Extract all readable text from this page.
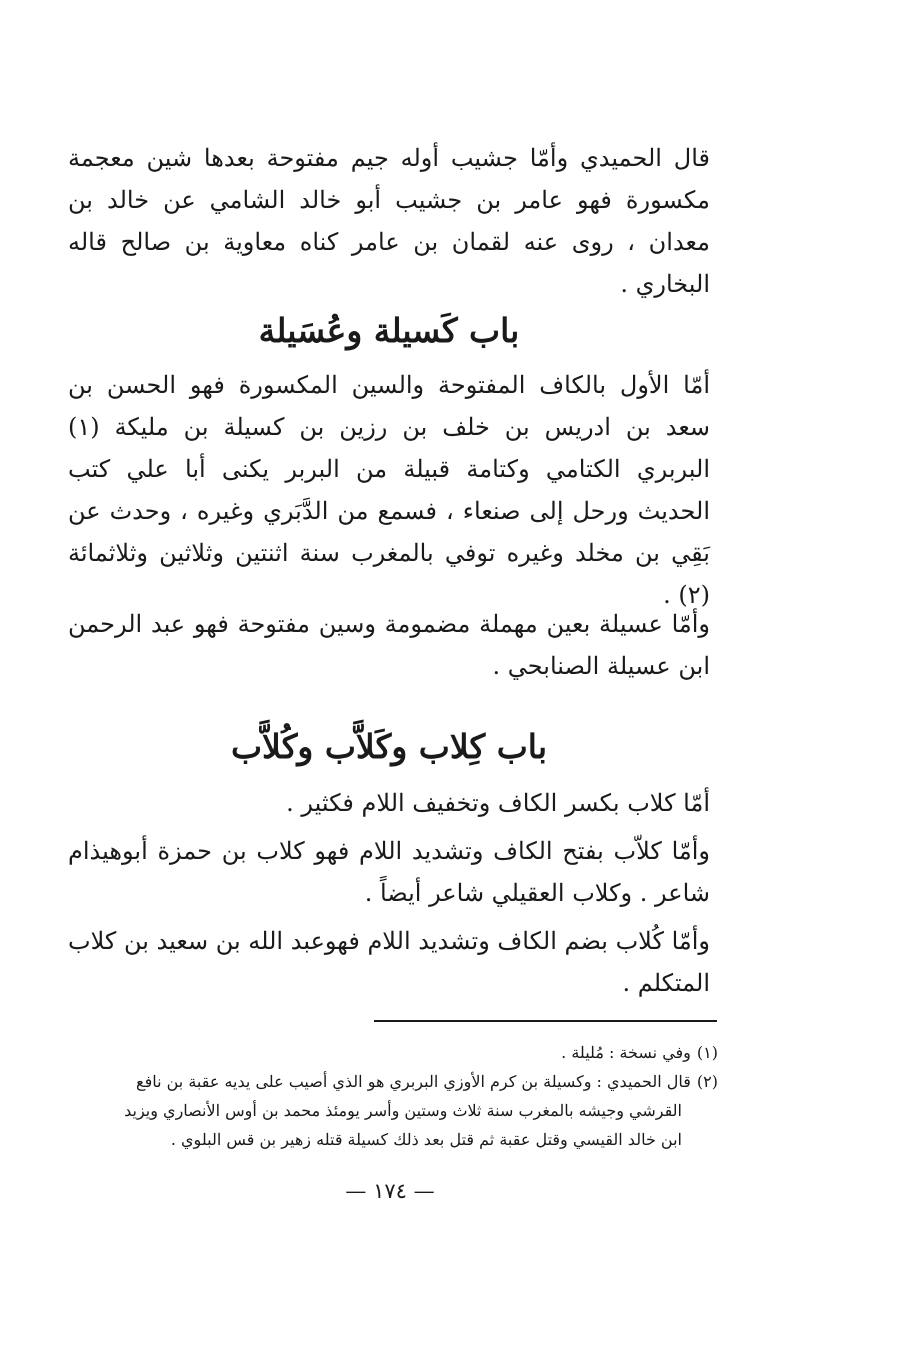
قال الحميدي وأمّا جشيب أوله جيم مفتوحة بعدها شين معجمة مكسورة فهو عامر بن جشيب أبو خالد الشامي عن خالد بن معدان ، روى عنه لقمان بن عامر كناه معاوية بن صالح قاله البخاري .

باب كَسيلة وعُسَيلة

أمّا الأول بالكاف المفتوحة والسين المكسورة فهو الحسن بن سعد بن ادريس بن خلف بن رزين بن كسيلة بن مليكة (١) البربري الكتامي وكتامة قبيلة من البربر يكنى أبا علي كتب الحديث ورحل إلى صنعاء ، فسمع من الدَّبَري وغيره ، وحدث عن بَقِي بن مخلد وغيره توفي بالمغرب سنة اثنتين وثلاثين وثلاثمائة (٢) .

وأمّا عسيلة بعين مهملة مضمومة وسين مفتوحة فهو عبد الرحمن ابن عسيلة الصنابحي .

باب كِلاب وكَلاَّب وكُلاَّب

أمّا كلاب بكسر الكاف وتخفيف اللام فكثير .

وأمّا كلاّب بفتح الكاف وتشديد اللام فهو كلاب بن حمزة أبوهيذام شاعر . وكلاب العقيلي شاعر أيضاً .

وأمّا كُلاب بضم الكاف وتشديد اللام فهوعبد الله بن سعيد بن كلاب المتكلم .

(١)وفي نسخة : مُليلة .
(٢)قال الحميدي : وكسيلة بن كرم الأوزي البربري هو الذي أصيب على يديه عقبة بن نافع
القرشي وجيشه بالمغرب سنة ثلاث وستين وأسر يومئذ محمد بن أوس الأنصاري ويزيد
ابن خالد القيسي وقتل عقبة ثم قتل بعد ذلك كسيلة قتله زهير بن قس البلوي .
— ١٧٤ —
